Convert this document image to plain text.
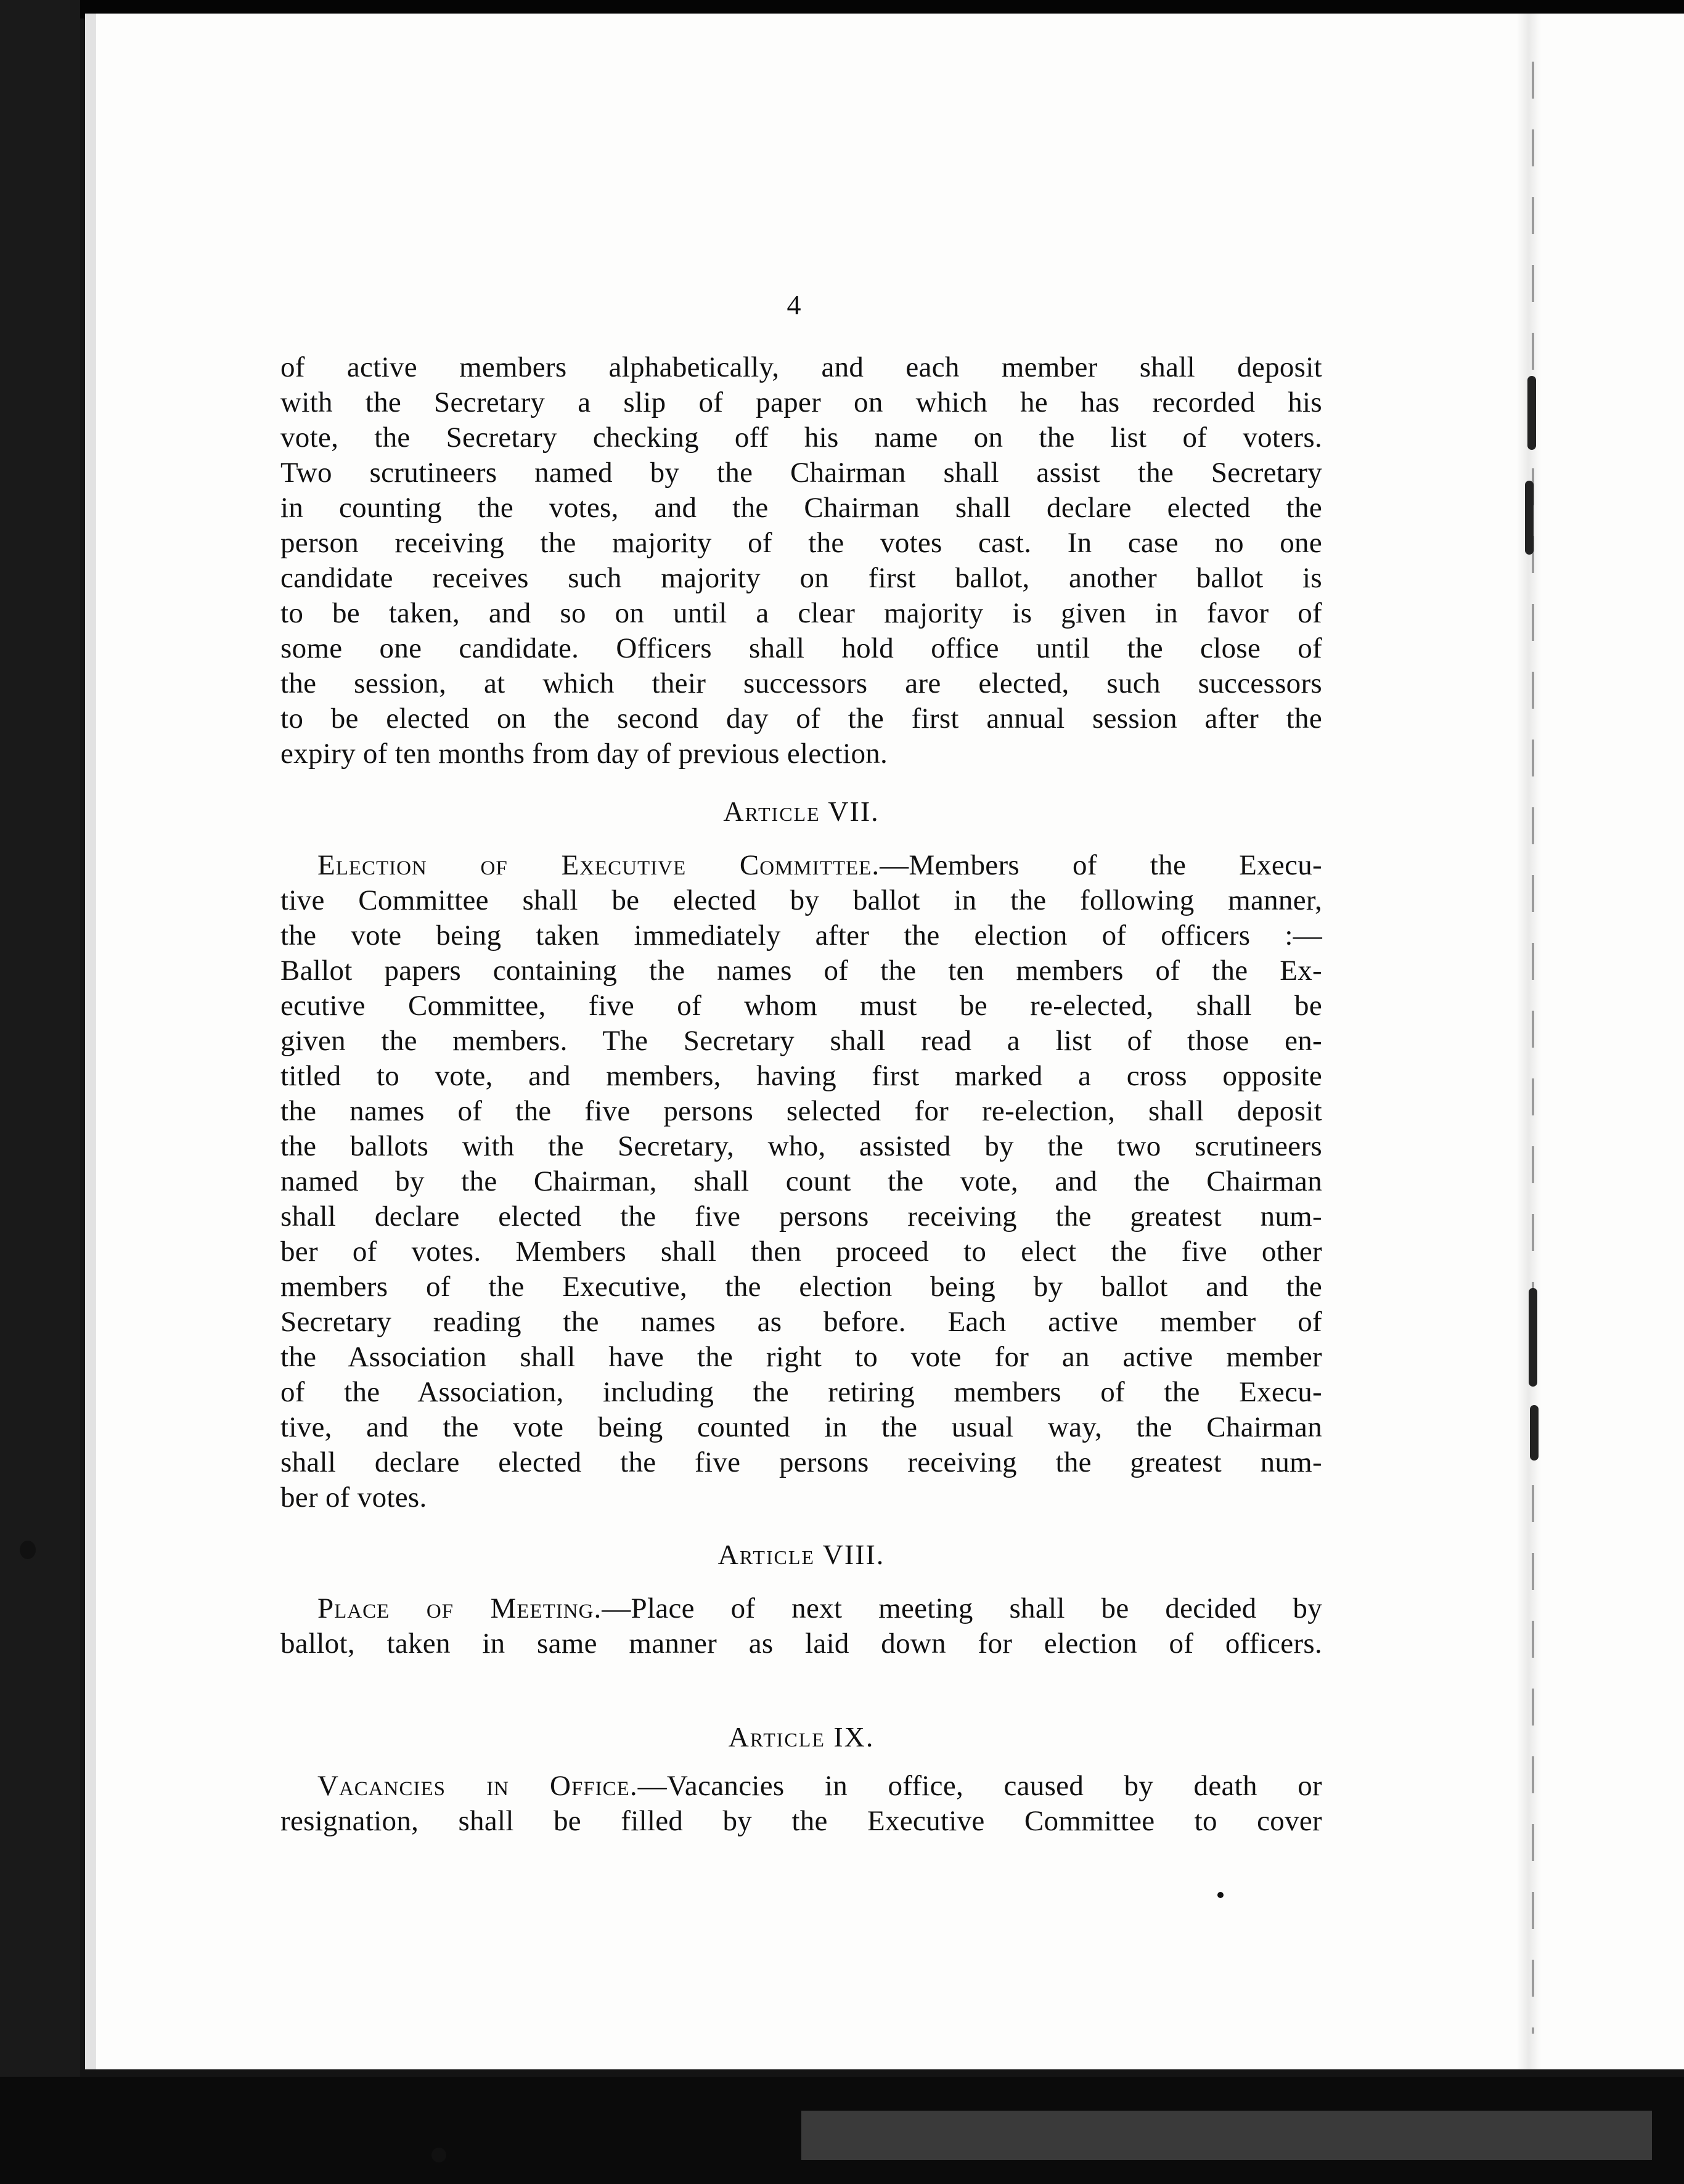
4
of active members alphabetically, and each member shall deposit
with the Secretary a slip of paper on which he has recorded his
vote, the Secretary checking off his name on the list of voters.
Two scrutineers named by the Chairman shall assist the Secretary
in counting the votes, and the Chairman shall declare elected the
person receiving the majority of the votes cast. In case no one
candidate receives such majority on first ballot, another ballot is
to be taken, and so on until a clear majority is given in favor of
some one candidate. Officers shall hold office until the close of
the session, at which their successors are elected, such successors
to be elected on the second day of the first annual session after the
expiry of ten months from day of previous election.
Article VII.
Election of Executive Committee.—Members of the Execu-
tive Committee shall be elected by ballot in the following manner,
the vote being taken immediately after the election of officers :—
Ballot papers containing the names of the ten members of the Ex-
ecutive Committee, five of whom must be re-elected, shall be
given the members. The Secretary shall read a list of those en-
titled to vote, and members, having first marked a cross opposite
the names of the five persons selected for re-election, shall deposit
the ballots with the Secretary, who, assisted by the two scrutineers
named by the Chairman, shall count the vote, and the Chairman
shall declare elected the five persons receiving the greatest num-
ber of votes. Members shall then proceed to elect the five other
members of the Executive, the election being by ballot and the
Secretary reading the names as before. Each active member of
the Association shall have the right to vote for an active member
of the Association, including the retiring members of the Execu-
tive, and the vote being counted in the usual way, the Chairman
shall declare elected the five persons receiving the greatest num-
ber of votes.
Article VIII.
Place of Meeting.—Place of next meeting shall be decided by
ballot, taken in same manner as laid down for election of officers.
Article IX.
Vacancies in Office.—Vacancies in office, caused by death or
resignation, shall be filled by the Executive Committee to cover
